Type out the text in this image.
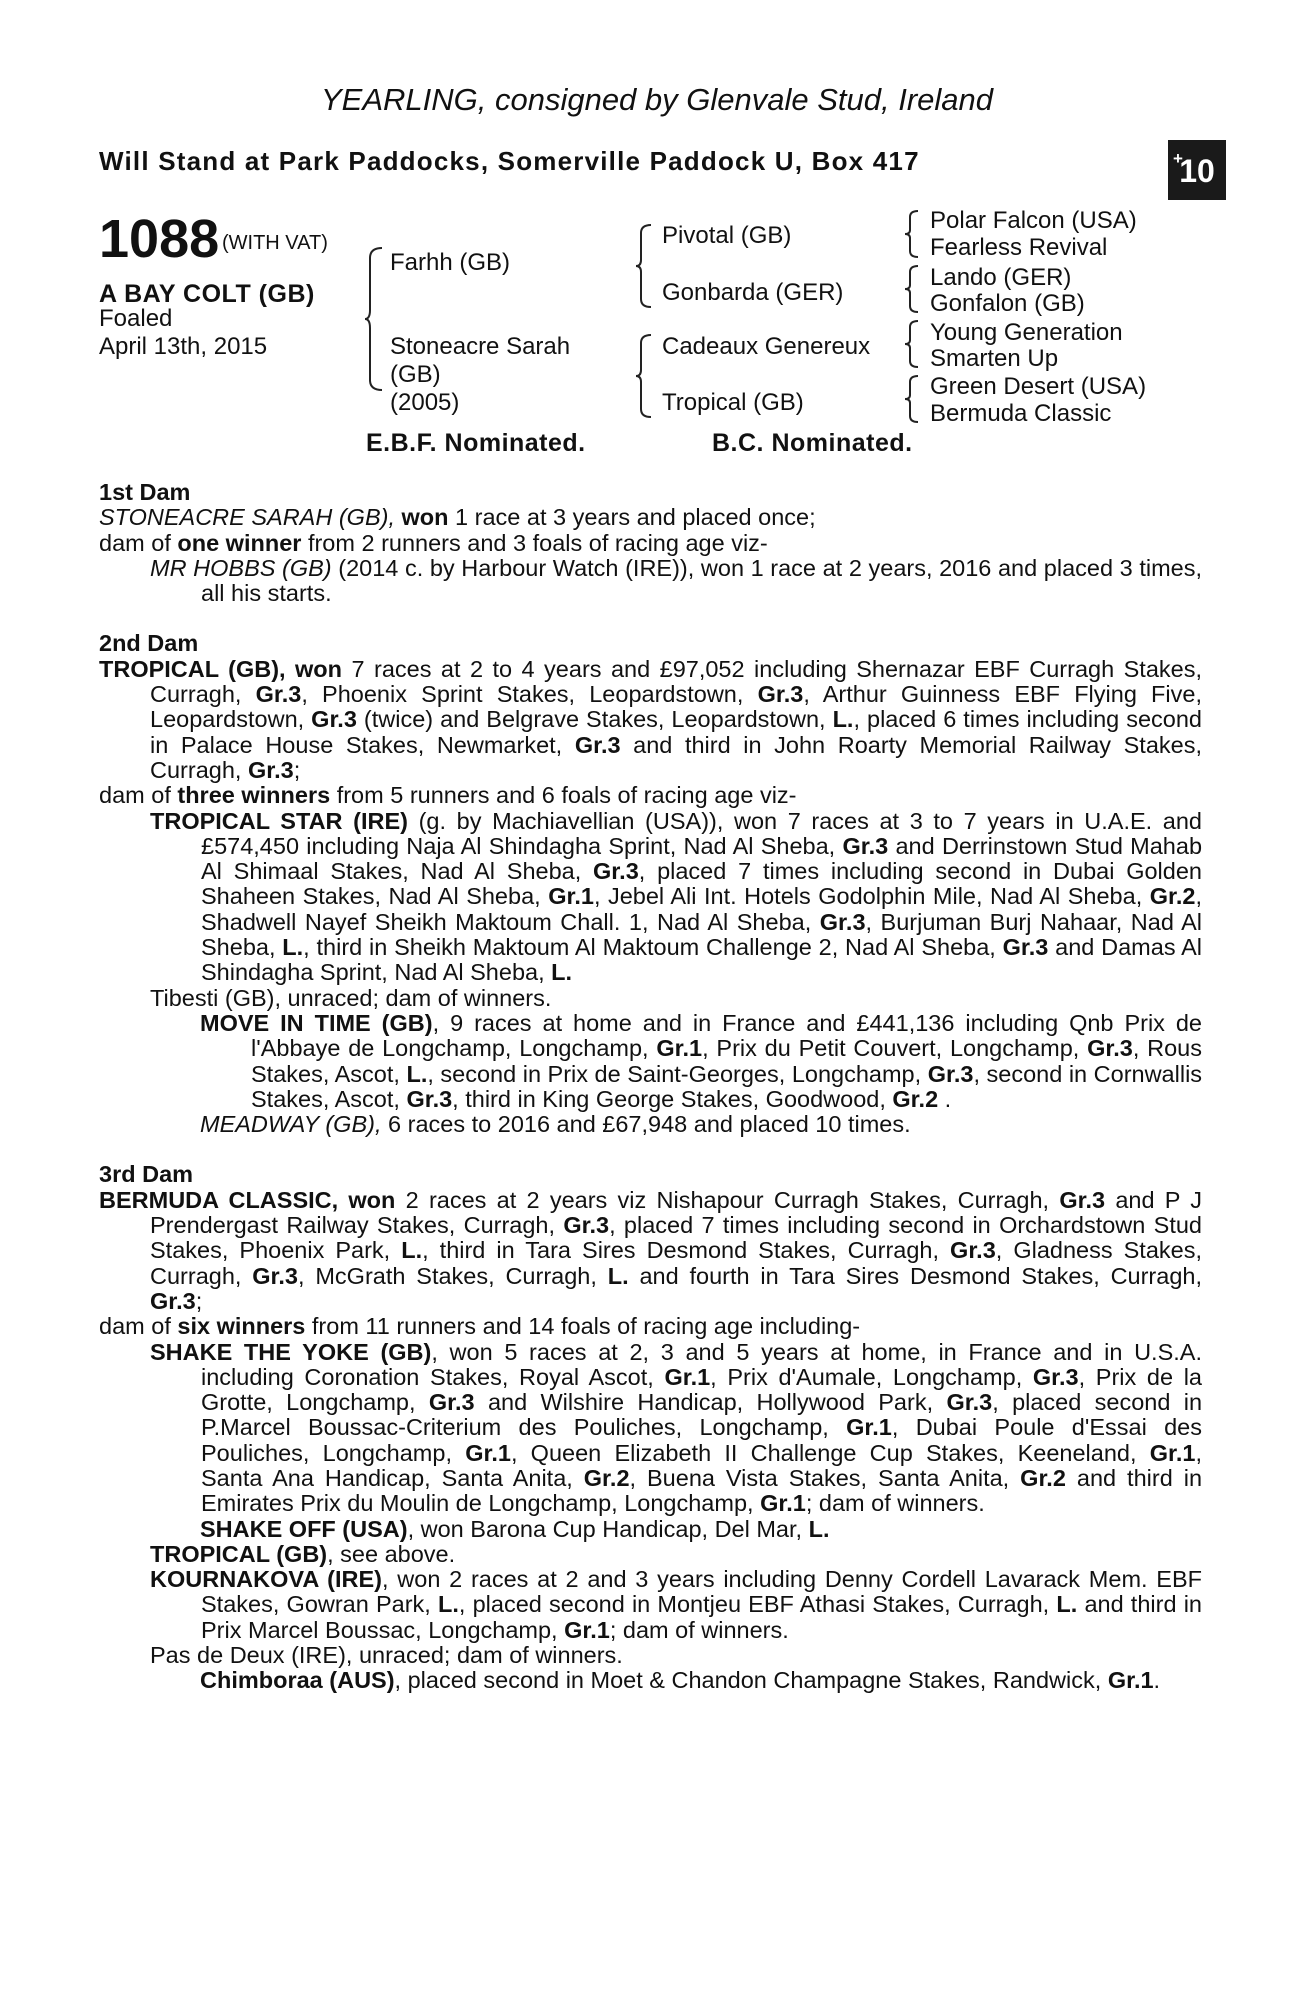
YEARLING, consigned by Glenvale Stud, Ireland
Will Stand at Park Paddocks, Somerville Paddock U, Box 417	+
10
1088 (WITH VAT)
A BAY COLT (GB)
Foaled
April 13th, 2015
Farhh (GB)
Stoneacre Sarah
(GB)
(2005)
Pivotal (GB)
Gonbarda (GER)
Cadeaux Genereux
Tropical (GB)
Polar Falcon (USA)
Fearless Revival
Lando (GER)
Gonfalon (GB)
Young Generation
Smarten Up
Green Desert (USA)
Bermuda Classic
E.B.F. Nominated.	B.C. Nominated.

1st Dam

STONEACRE SARAH (GB), won 1 race at 3 years and placed once;

dam of one winner from 2 runners and 3 foals of racing age viz-

MR HOBBS (GB) (2014 c. by Harbour Watch (IRE)), won 1 race at 2 years, 2016 and placed 3 times, all his starts.

2nd Dam

TROPICAL (GB), won 7 races at 2 to 4 years and £97,052 including Shernazar EBF Curragh Stakes, Curragh, Gr.3, Phoenix Sprint Stakes, Leopardstown, Gr.3, Arthur Guinness EBF Flying Five, Leopardstown, Gr.3 (twice) and Belgrave Stakes, Leopardstown, L., placed 6 times including second in Palace House Stakes, Newmarket, Gr.3 and third in John Roarty Memorial Railway Stakes, Curragh, Gr.3;

dam of three winners from 5 runners and 6 foals of racing age viz-

TROPICAL STAR (IRE) (g. by Machiavellian (USA)), won 7 races at 3 to 7 years in U.A.E. and £574,450 including Naja Al Shindagha Sprint, Nad Al Sheba, Gr.3 and Derrinstown Stud Mahab Al Shimaal Stakes, Nad Al Sheba, Gr.3, placed 7 times including second in Dubai Golden Shaheen Stakes, Nad Al Sheba, Gr.1, Jebel Ali Int. Hotels Godolphin Mile, Nad Al Sheba, Gr.2, Shadwell Nayef Sheikh Maktoum Chall. 1, Nad Al Sheba, Gr.3, Burjuman Burj Nahaar, Nad Al Sheba, L., third in Sheikh Maktoum Al Maktoum Challenge 2, Nad Al Sheba, Gr.3 and Damas Al Shindagha Sprint, Nad Al Sheba, L.

Tibesti (GB), unraced; dam of winners.

MOVE IN TIME (GB), 9 races at home and in France and £441,136 including Qnb Prix de l'Abbaye de Longchamp, Longchamp, Gr.1, Prix du Petit Couvert, Longchamp, Gr.3, Rous Stakes, Ascot, L., second in Prix de Saint-Georges, Longchamp, Gr.3, second in Cornwallis Stakes, Ascot, Gr.3, third in King George Stakes, Goodwood, Gr.2 .

MEADWAY (GB), 6 races to 2016 and £67,948 and placed 10 times.

3rd Dam

BERMUDA CLASSIC, won 2 races at 2 years viz Nishapour Curragh Stakes, Curragh, Gr.3 and P J Prendergast Railway Stakes, Curragh, Gr.3, placed 7 times including second in Orchardstown Stud Stakes, Phoenix Park, L., third in Tara Sires Desmond Stakes, Curragh, Gr.3, Gladness Stakes, Curragh, Gr.3, McGrath Stakes, Curragh, L. and fourth in Tara Sires Desmond Stakes, Curragh, Gr.3;

dam of six winners from 11 runners and 14 foals of racing age including-

SHAKE THE YOKE (GB), won 5 races at 2, 3 and 5 years at home, in France and in U.S.A. including Coronation Stakes, Royal Ascot, Gr.1, Prix d'Aumale, Longchamp, Gr.3, Prix de la Grotte, Longchamp, Gr.3 and Wilshire Handicap, Hollywood Park, Gr.3, placed second in P.Marcel Boussac-Criterium des Pouliches, Longchamp, Gr.1, Dubai Poule d'Essai des Pouliches, Longchamp, Gr.1, Queen Elizabeth II Challenge Cup Stakes, Keeneland, Gr.1, Santa Ana Handicap, Santa Anita, Gr.2, Buena Vista Stakes, Santa Anita, Gr.2 and third in Emirates Prix du Moulin de Longchamp, Longchamp, Gr.1; dam of winners.

SHAKE OFF (USA), won Barona Cup Handicap, Del Mar, L.

TROPICAL (GB), see above.

KOURNAKOVA (IRE), won 2 races at 2 and 3 years including Denny Cordell Lavarack Mem. EBF Stakes, Gowran Park, L., placed second in Montjeu EBF Athasi Stakes, Curragh, L. and third in Prix Marcel Boussac, Longchamp, Gr.1; dam of winners.

Pas de Deux (IRE), unraced; dam of winners.

Chimboraa (AUS), placed second in Moet & Chandon Champagne Stakes, Randwick, Gr.1.
